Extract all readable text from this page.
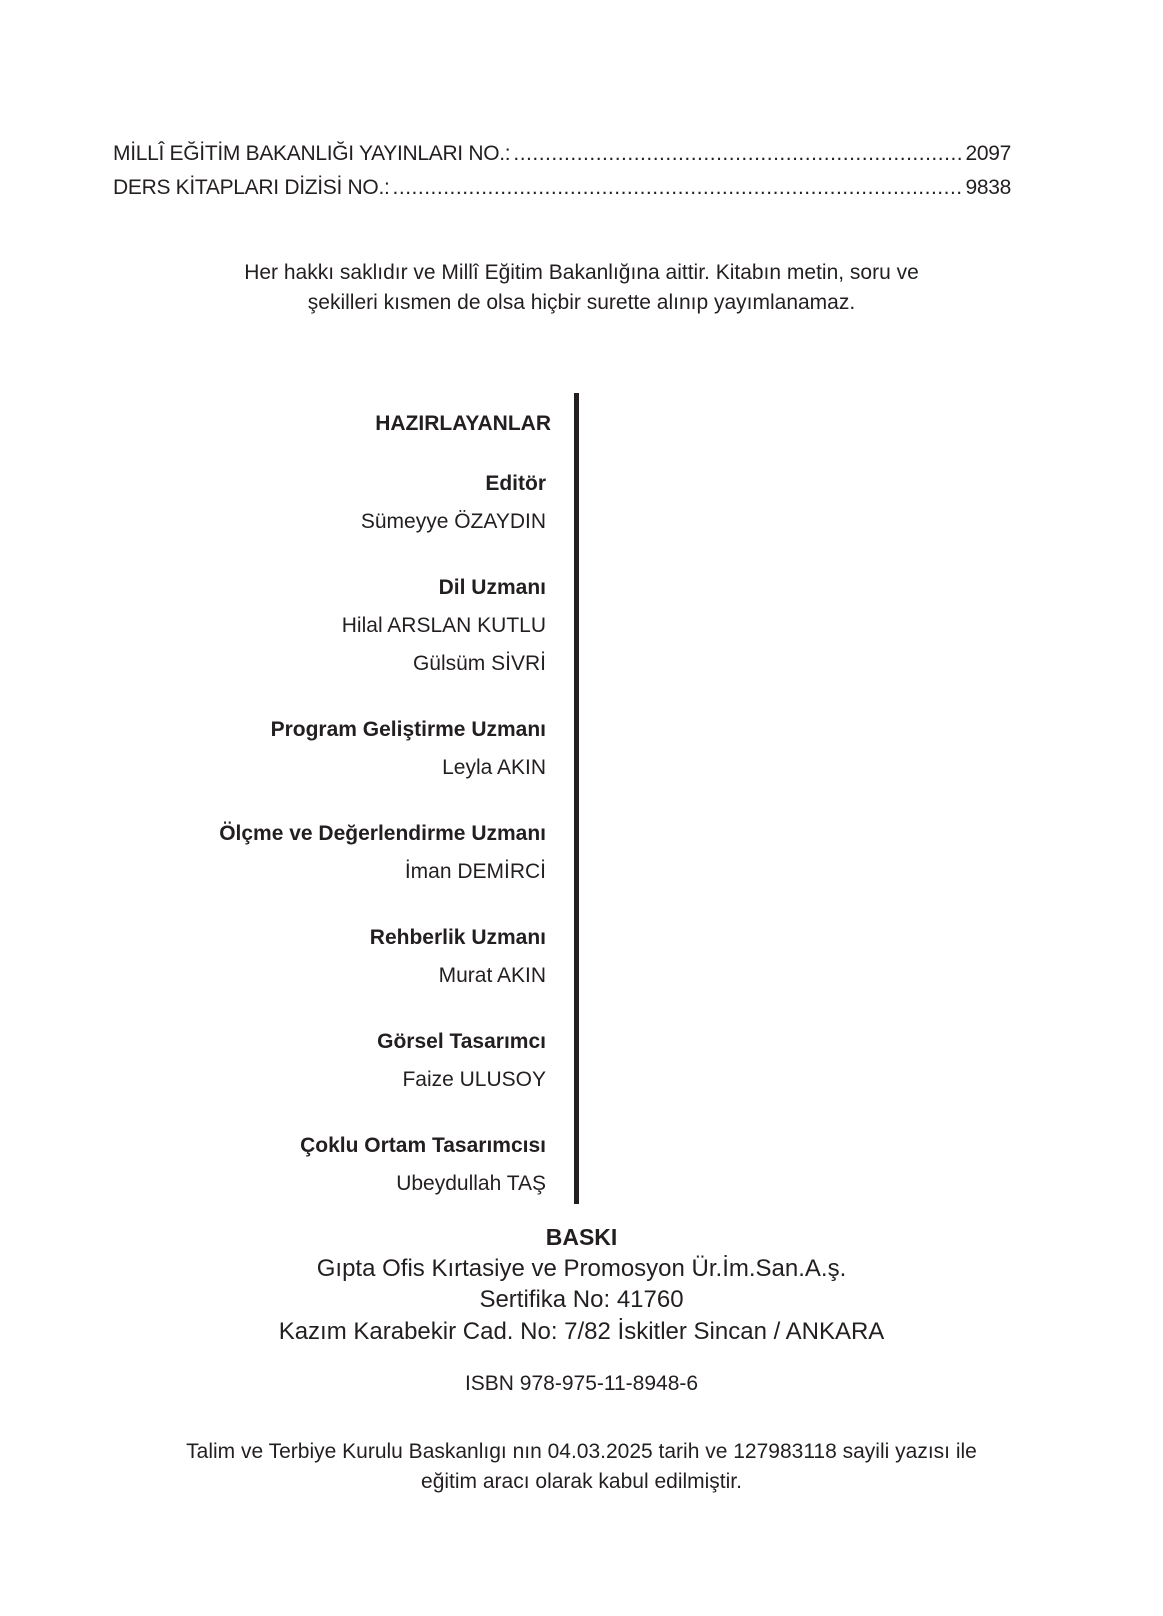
MİLLÎ EĞİTİM BAKANLIĞI YAYINLARI NO.: .....	2097
DERS KİTAPLARI DİZİSİ NO.: .....	9838
Her hakkı saklıdır ve Millî Eğitim Bakanlığına aittir. Kitabın metin, soru ve
şekilleri kısmen de olsa hiçbir surette alınıp yayımlanamaz.
HAZIRLAYANLAR
Editör
Sümeyye ÖZAYDIN
Dil Uzmanı
Hilal ARSLAN KUTLU
Gülsüm SİVRİ
Program Geliştirme Uzmanı
Leyla AKIN
Ölçme ve Değerlendirme Uzmanı
İman DEMİRCİ
Rehberlik Uzmanı
Murat AKIN
Görsel Tasarımcı
Faize ULUSOY
Çoklu Ortam Tasarımcısı
Ubeydullah TAŞ
BASKI
Gıpta Ofis Kırtasiye ve Promosyon Ür.İm.San.A.ş.
Sertifika No: 41760
Kazım Karabekir Cad. No: 7/82 İskitler Sincan / ANKARA
ISBN 978-975-11-8948-6
Talim ve Terbiye Kurulu Baskanlıgı nın 04.03.2025 tarih ve 127983118 sayili yazısı ile
eğitim aracı olarak kabul edilmiştir.
